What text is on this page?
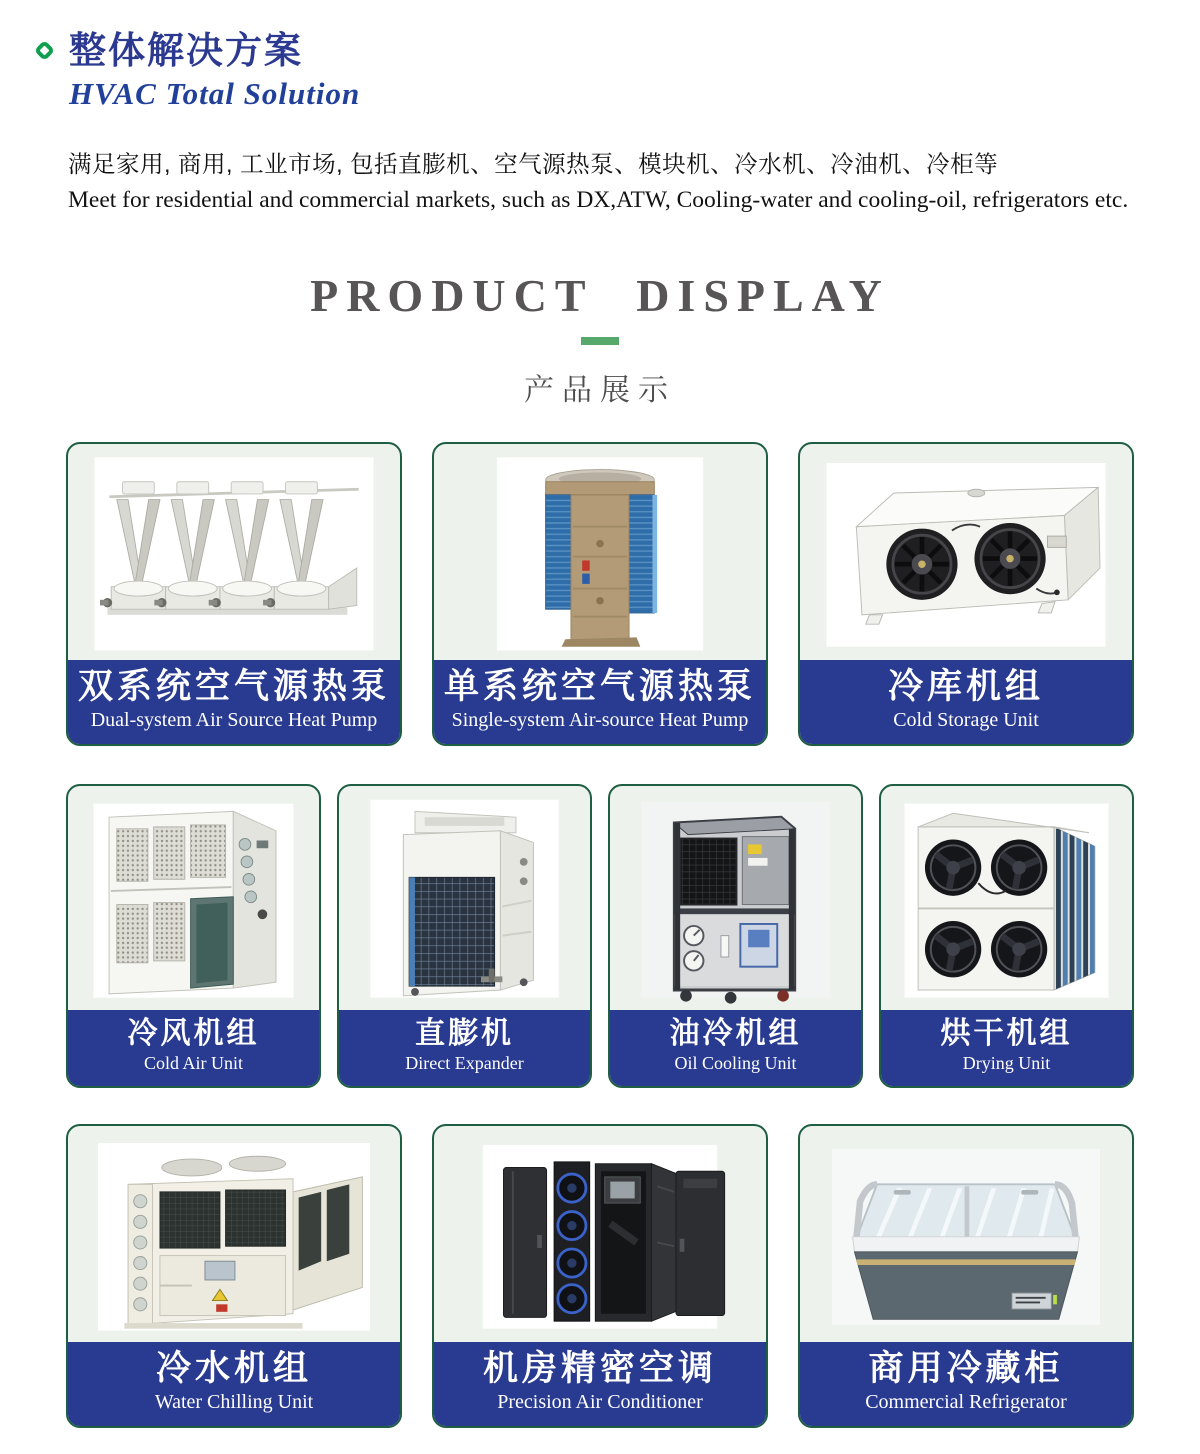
整体解决方案
HVAC Total Solution
满足家用, 商用, 工业市场, 包括直膨机、空气源热泵、模块机、冷水机、冷油机、冷柜等
Meet for residential and commercial markets, such as DX,ATW, Cooling-water and cooling-oil, refrigerators etc.
PRODUCT DISPLAY
产品展示
双系统空气源热泵
Dual-system Air Source Heat Pump
单系统空气源热泵
Single-system Air-source Heat Pump
冷库机组
Cold Storage Unit
冷风机组
Cold Air Unit
直膨机
Direct Expander
油冷机组
Oil Cooling Unit
烘干机组
Drying Unit
冷水机组
Water Chilling Unit
机房精密空调
Precision Air Conditioner
商用冷藏柜
Commercial Refrigerator
